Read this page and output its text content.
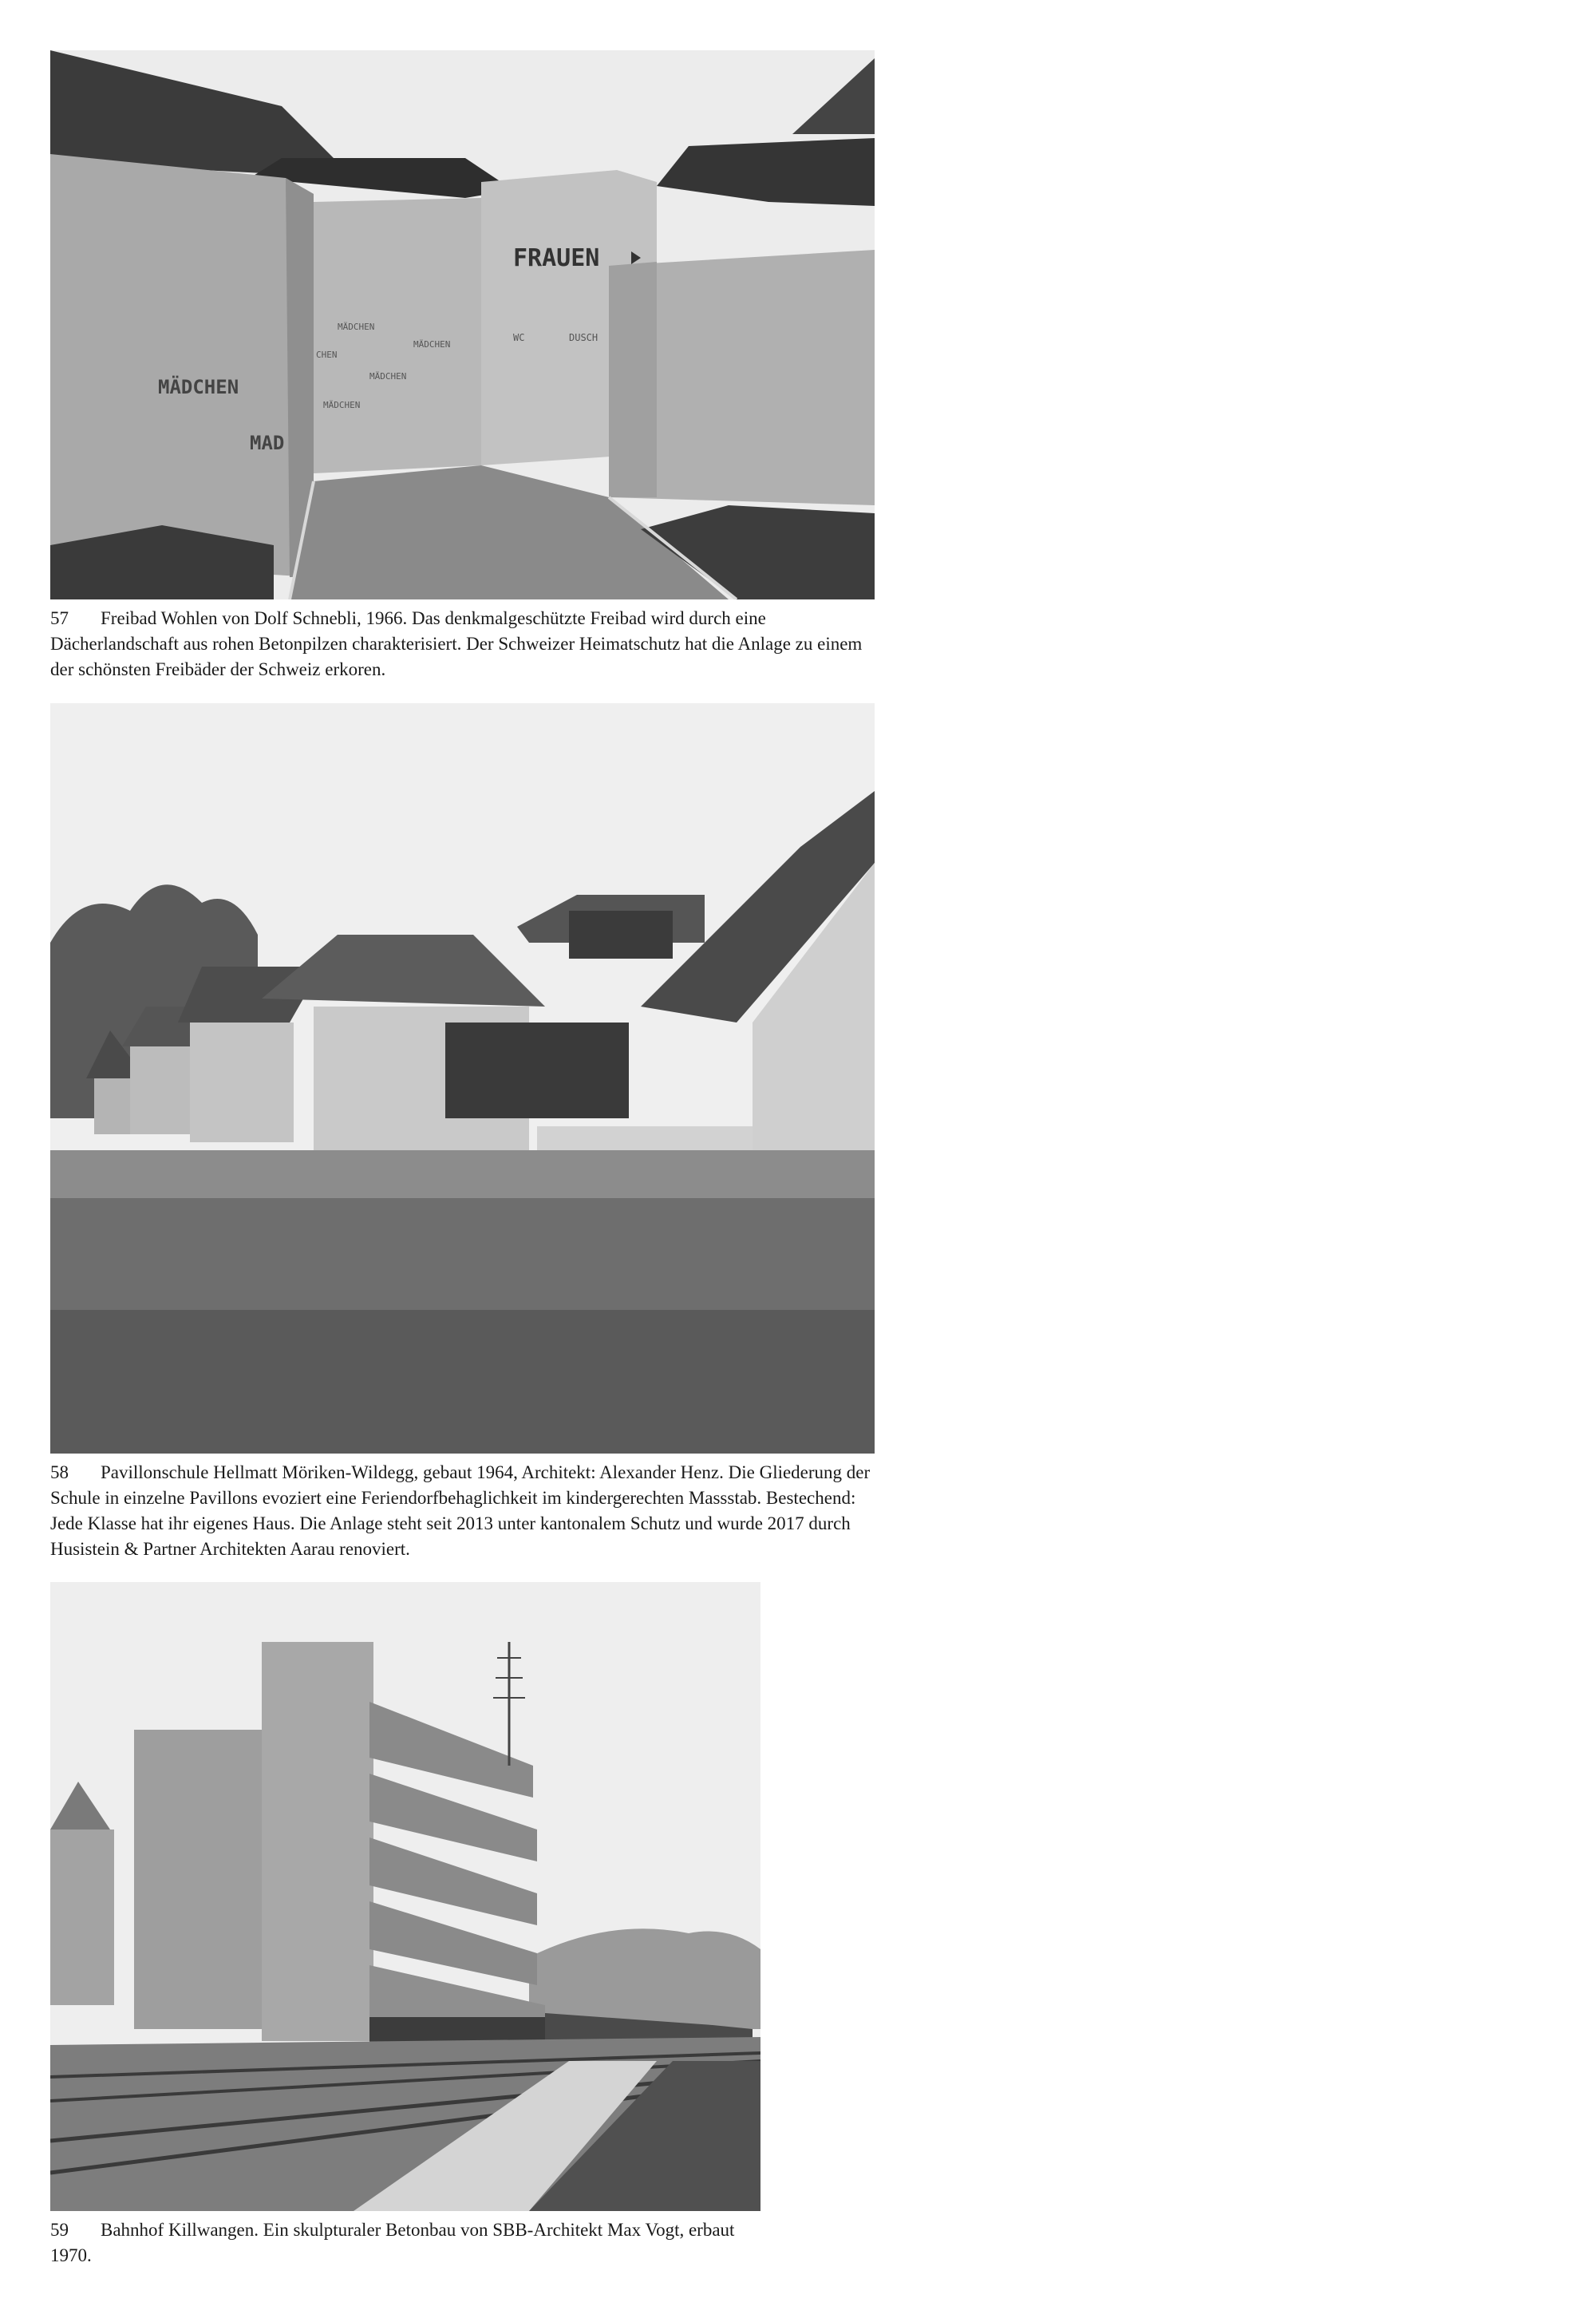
FRAUEN
MÄDCHEN
MAD
MÄDCHEN
MÄDCHEN
CHEN
MÄDCHEN
MÄDCHEN
WC	DUSCH

57 Freibad Wohlen von Dolf Schnebli, 1966. Das denkmalgeschützte Freibad wird durch eine Dächerlandschaft aus rohen Betonpilzen charakterisiert. Der Schweizer Heimatschutz hat die Anlage zu einem der schönsten Freibäder der Schweiz erkoren.

58 Pavillonschule Hellmatt Möriken-Wildegg, gebaut 1964, Architekt: Alexander Henz. Die Gliederung der Schule in einzelne Pavillons evoziert eine Feriendorfbehaglichkeit im kindergerechten Massstab. Bestechend: Jede Klasse hat ihr eigenes Haus. Die Anlage steht seit 2013 unter kantonalem Schutz und wurde 2017 durch Husistein & Partner Architekten Aarau renoviert.

59 Bahnhof Killwangen. Ein skulpturaler Betonbau von SBB-Architekt Max Vogt, erbaut 1970.
